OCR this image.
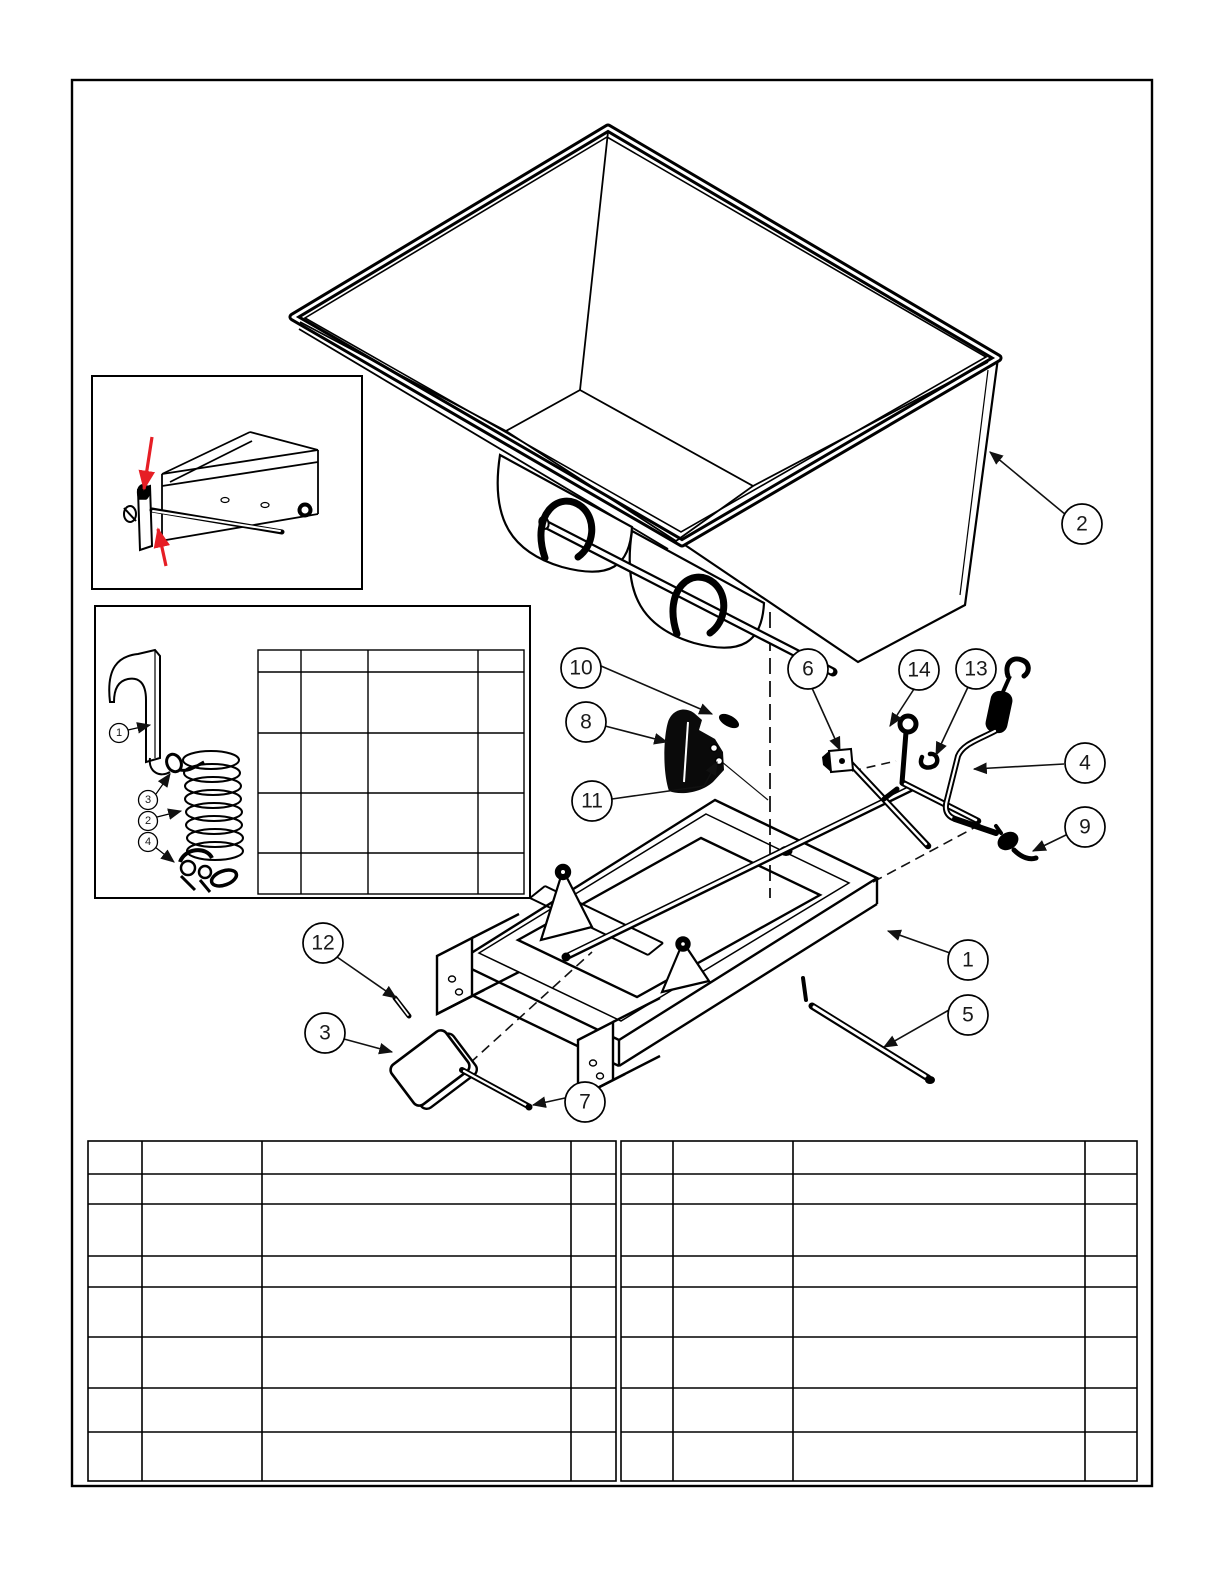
1
3
2
4
2
10
8
11
6	14 13
4
9
1
5
12
3
7
